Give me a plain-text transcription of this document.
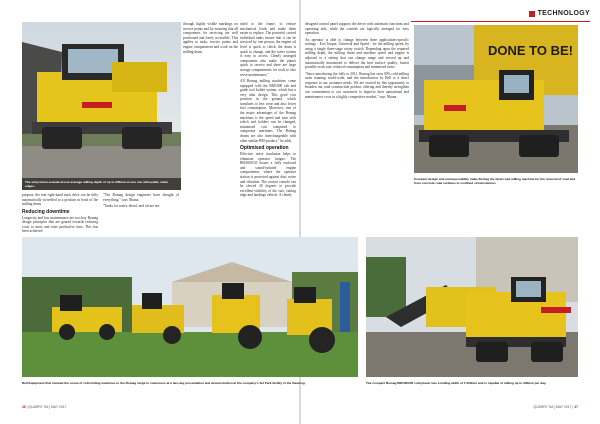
TECHNOLOGY
The sixty-tonne-a-week-of-use average milling depth of up to 330mm-in one cut, with pallet, clean edges.

through highly visible markings on service points and by ensuring that all components for servicing are well positioned and freely accessible. This applies to tasks, service points and engine compartment and work on the milling drum.

ruled to the frame, to reduce mechanical loads and make them easier to replace. The powerful curved individual tanks ensure that it can be serviced by one person, the engine oil level is quick to check, the drum is quick to change, and the water system is easy to access. Clearly arranged components also make the planer quick to service and there are large storage compartments for tools to also serve maintenance."

All Bomag milling machines come equipped with the BM1000 cab and guide tool holder system, which has a very slim design. This good cost position in the ground, which translates to less wear and also lower fuel consumption. Moreover, one of the major advantages of the Bomag machines is the speed and ease with which tool holders can be changed, minimised cost compared to competitor machines. The Bomag drums are also interchangeable with other similar BM-product," he adds.

Optimised operation

Effective noise insulation helps to eliminate operator fatigue. The BM1000/35 boasts a fully enclosed and sound-isolated engine compartment, where the operator station is protected against dust, noise and vibration. The control console can be slewed 40 degrees to provide excellent visibility of the cuts, cutting edge and landings vehicle. A clearly

purpose, the rear right-hand track drive can be fully automatically swivelled to a position in front of the milling drum.

Reducing downtime

Longevity and low maintenance are two key Bomag design principles that are geared towards reducing costs to users and raise productive time. This has been achieved

"The Bomag design engineers have thought of everything," says Nkuna.

"Tanks for water, diesel, and oil are not

designed control panel supports the driver with automatic functions and operating aids, while the controls are logically arranged for easy operation.

An operator is able to change between three applications-specific settings - Eco/Torque, Universal and Speed - for the milling speed, by using a single three-stage rotary switch. Depending upon the required milling depth, the milling drum and machine speed and engine is adjusted to a setting that can change range and revved up and automatically maximised to deliver the best surface quality, fastest possible work rate, reduced consumption and minimised noise.

"Since introducing the fully to 2011, Bomag has seen 30% cold milling units roaming world-wide, and the introduction by Bell is a direct response to our customer needs. We are excited by this opportunity to broaden our road construction product offering and thereby strengthen our commitment to our customers to improve their operational and maintenance costs in a highly competitive market," says Nkuna.

DONE TO BE!
Compact design and manoeuvrability make Bomag the ideal road milling machine for the removal of road and from concrete road surfaces in confined circumstances
Bell Equipment that showed the scene of cold milling machines to the Bomag range to customers at a two-day presentation and demonstration at the company's Jet Park facility in the Gauteng.	The compact Bomag BM1000/35 cold planer has a milling width of 1 000mm and is capable of milling up to 330mm per day.
36 | QUARRY SA | MAY 2017	QUARRY SA | MAY 2017 | 37
